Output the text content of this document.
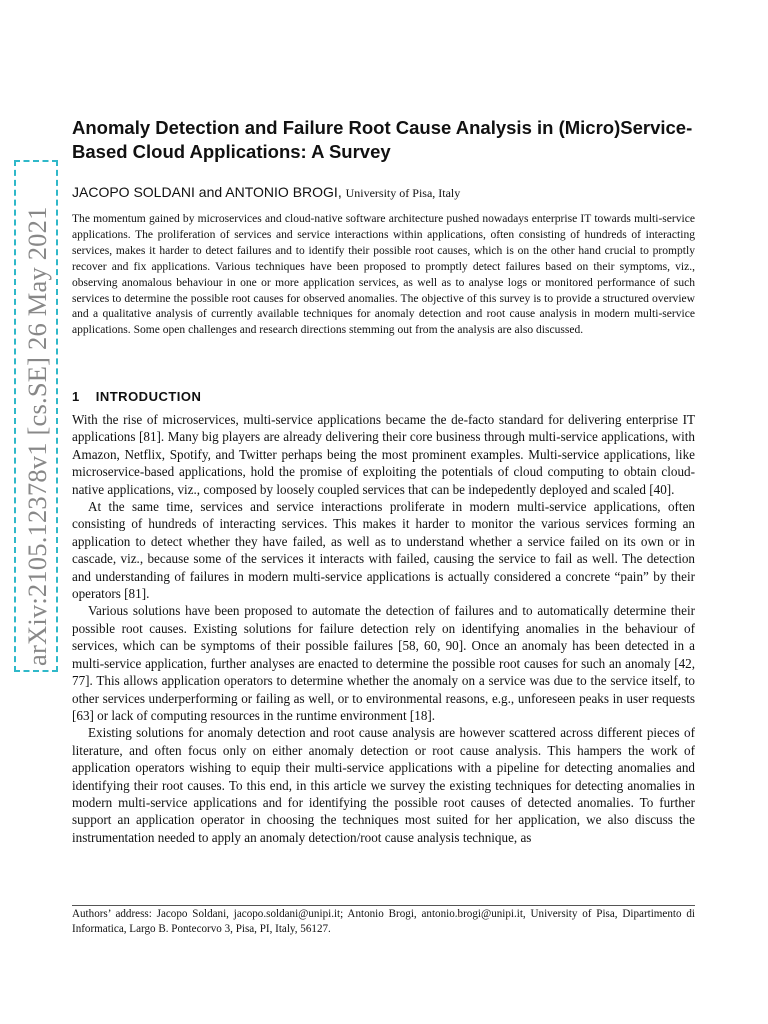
arXiv:2105.12378v1 [cs.SE] 26 May 2021
Anomaly Detection and Failure Root Cause Analysis in (Micro)Service-Based Cloud Applications: A Survey
JACOPO SOLDANI and ANTONIO BROGI, University of Pisa, Italy

The momentum gained by microservices and cloud-native software architecture pushed nowadays enterprise IT towards multi-service applications. The proliferation of services and service interactions within applications, often consisting of hundreds of interacting services, makes it harder to detect failures and to identify their possible root causes, which is on the other hand crucial to promptly recover and fix applications. Various techniques have been proposed to promptly detect failures based on their symptoms, viz., observing anomalous behaviour in one or more application services, as well as to analyse logs or monitored performance of such services to determine the possible root causes for observed anomalies. The objective of this survey is to provide a structured overview and a qualitative analysis of currently available techniques for anomaly detection and root cause analysis in modern multi-service applications. Some open challenges and research directions stemming out from the analysis are also discussed.

1 INTRODUCTION

With the rise of microservices, multi-service applications became the de-facto standard for delivering enterprise IT applications [81]. Many big players are already delivering their core business through multi-service applications, with Amazon, Netflix, Spotify, and Twitter perhaps being the most prominent examples. Multi-service applications, like microservice-based applications, hold the promise of exploiting the potentials of cloud computing to obtain cloud-native applications, viz., composed by loosely coupled services that can be indepedently deployed and scaled [40].

At the same time, services and service interactions proliferate in modern multi-service applications, often consisting of hundreds of interacting services. This makes it harder to monitor the various services forming an application to detect whether they have failed, as well as to understand whether a service failed on its own or in cascade, viz., because some of the services it interacts with failed, causing the service to fail as well. The detection and understanding of failures in modern multi-service applications is actually considered a concrete “pain” by their operators [81].

Various solutions have been proposed to automate the detection of failures and to automatically determine their possible root causes. Existing solutions for failure detection rely on identifying anomalies in the behaviour of services, which can be symptoms of their possible failures [58, 60, 90]. Once an anomaly has been detected in a multi-service application, further analyses are enacted to determine the possible root causes for such an anomaly [42, 77]. This allows application operators to determine whether the anomaly on a service was due to the service itself, to other services underperforming or failing as well, or to environmental reasons, e.g., unforeseen peaks in user requests [63] or lack of computing resources in the runtime environment [18].

Existing solutions for anomaly detection and root cause analysis are however scattered across different pieces of literature, and often focus only on either anomaly detection or root cause analysis. This hampers the work of application operators wishing to equip their multi-service applications with a pipeline for detecting anomalies and identifying their root causes. To this end, in this article we survey the existing techniques for detecting anomalies in modern multi-service applications and for identifying the possible root causes of detected anomalies. To further support an application operator in choosing the techniques most suited for her application, we also discuss the instrumentation needed to apply an anomaly detection/root cause analysis technique, as

Authors’ address: Jacopo Soldani, jacopo.soldani@unipi.it; Antonio Brogi, antonio.brogi@unipi.it, University of Pisa, Dipartimento di Informatica, Largo B. Pontecorvo 3, Pisa, PI, Italy, 56127.
